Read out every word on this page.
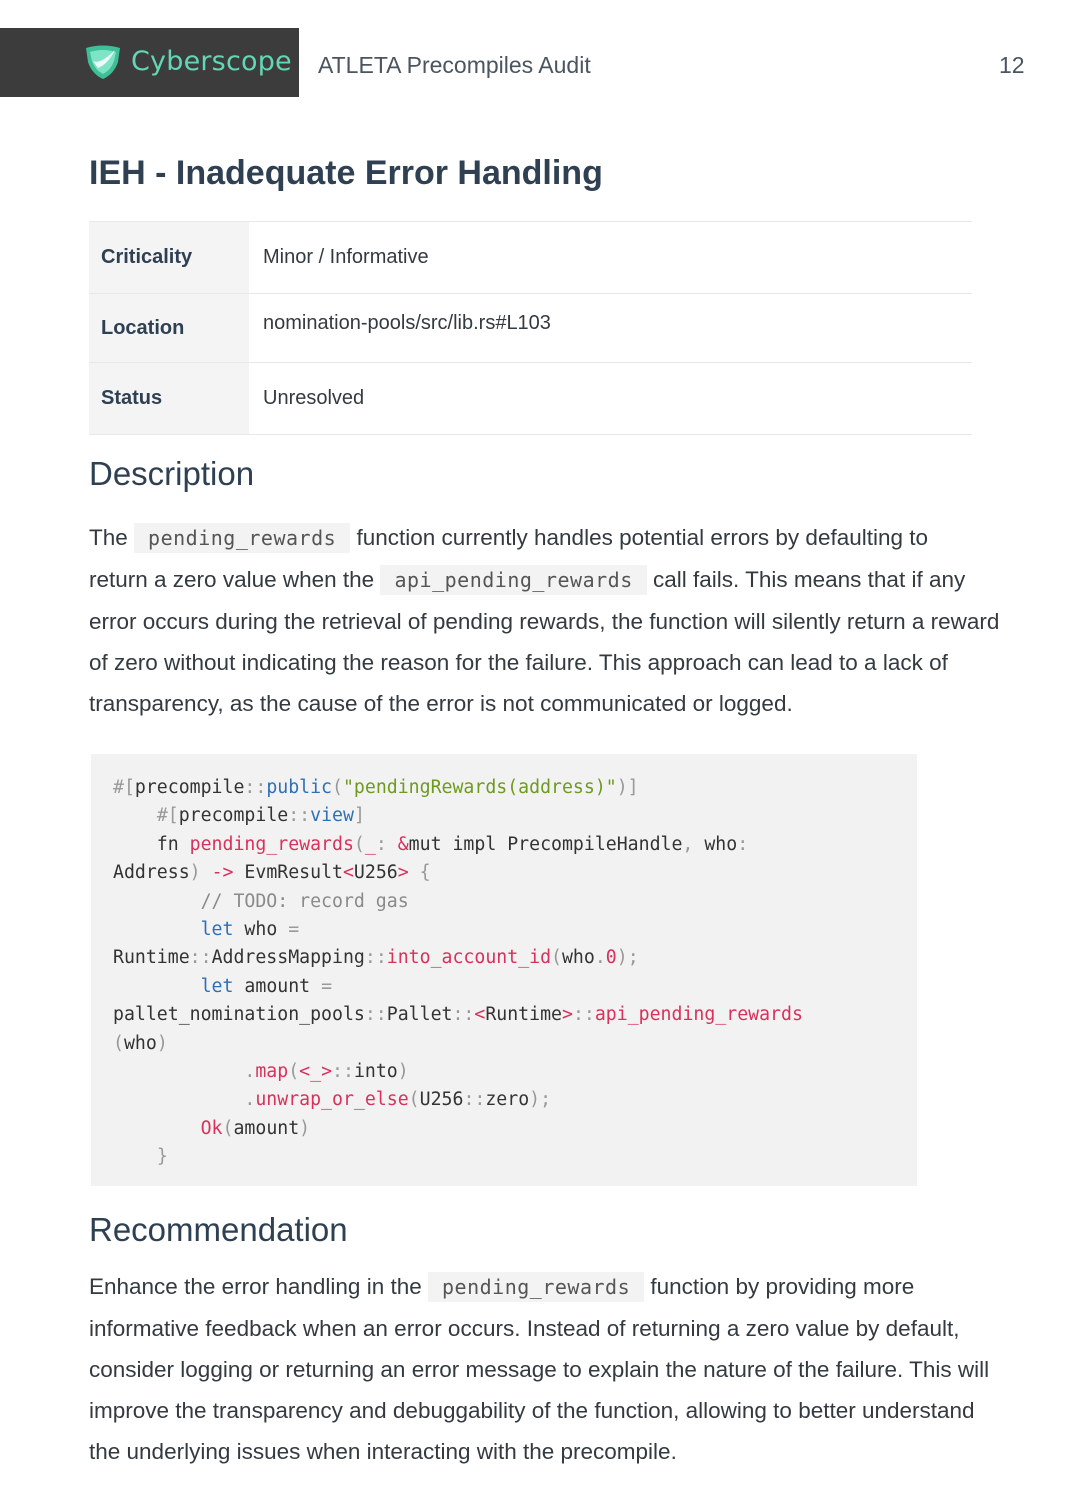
Cyberscope ATLETA Precompiles Audit	12
IEH - Inadequate Error Handling
Criticality	Minor / Informative
Location	nomination-pools/src/lib.rs#L103
Status	Unresolved
Description

The pending_rewards function currently handles potential errors by defaulting to

return a zero value when the api_pending_rewards call fails. This means that if any

error occurs during the retrieval of pending rewards, the function will silently return a reward

of zero without indicating the reason for the failure. This approach can lead to a lack of

transparency, as the cause of the error is not communicated or logged.

#[precompile::public("pendingRewards(address)")]
#[precompile::view]
fn pending_rewards(_: &mut impl PrecompileHandle, who:
Address) -> EvmResult<U256> {
// TODO: record gas
let who =
Runtime::AddressMapping::into_account_id(who.0);
let amount =
pallet_nomination_pools::Pallet::<Runtime>::api_pending_rewards
(who)
.map(<_>::into)
.unwrap_or_else(U256::zero);
Ok(amount)
}
Recommendation

Enhance the error handling in the pending_rewards function by providing more

informative feedback when an error occurs. Instead of returning a zero value by default,

consider logging or returning an error message to explain the nature of the failure. This will

improve the transparency and debuggability of the function, allowing to better understand

the underlying issues when interacting with the precompile.
